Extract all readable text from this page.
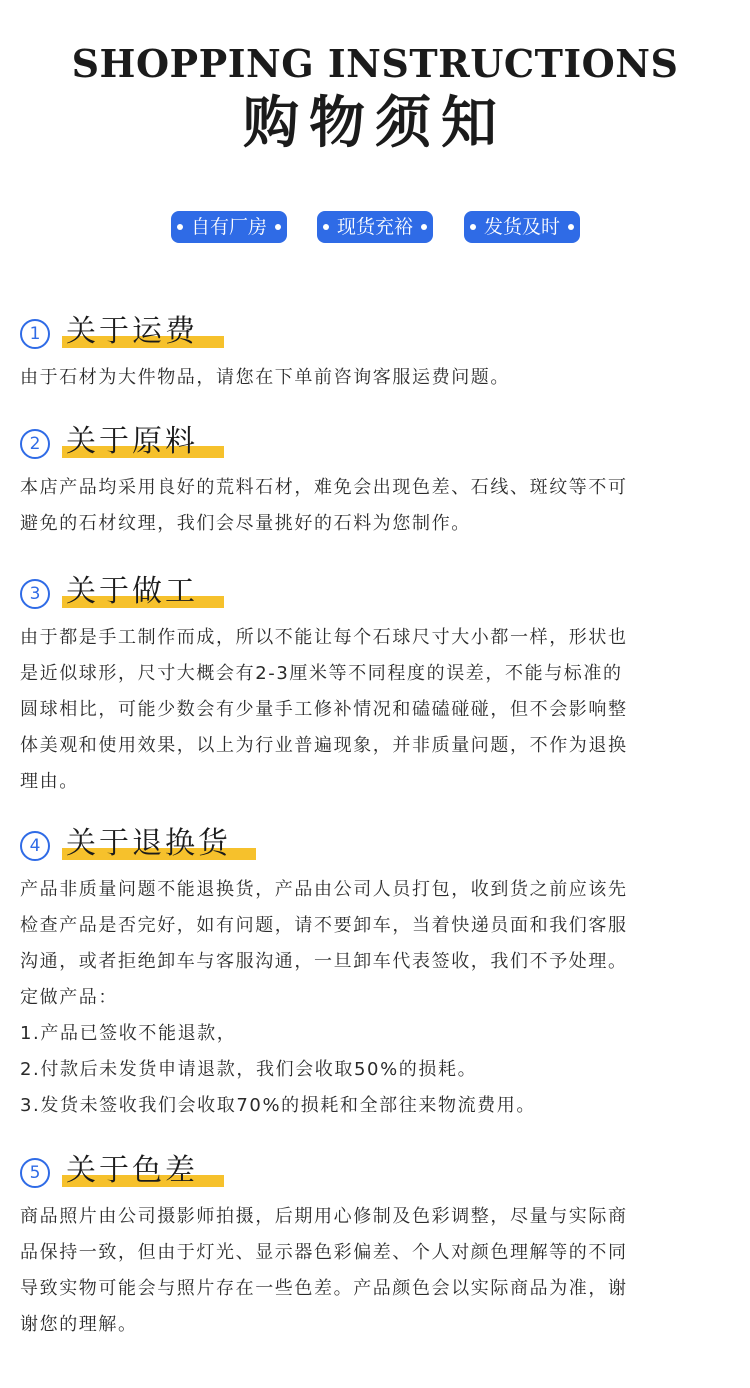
SHOPPING INSTRUCTIONS
购物须知
自有厂房	现货充裕	发货及时
1 关于运费
由于石材为大件物品，请您在下单前咨询客服运费问题。
2 关于原料
本店产品均采用良好的荒料石材，难免会出现色差、石线、斑纹等不可
避免的石材纹理，我们会尽量挑好的石料为您制作。
3 关于做工
由于都是手工制作而成，所以不能让每个石球尺寸大小都一样，形状也
是近似球形，尺寸大概会有2-3厘米等不同程度的误差，不能与标准的
圆球相比，可能少数会有少量手工修补情况和磕磕碰碰，但不会影响整
体美观和使用效果，以上为行业普遍现象，并非质量问题，不作为退换
理由。
4 关于退换货
产品非质量问题不能退换货，产品由公司人员打包，收到货之前应该先
检查产品是否完好，如有问题，请不要卸车，当着快递员面和我们客服
沟通，或者拒绝卸车与客服沟通，一旦卸车代表签收，我们不予处理。
定做产品：
1.产品已签收不能退款，
2.付款后未发货申请退款，我们会收取50%的损耗。
3.发货未签收我们会收取70%的损耗和全部往来物流费用。
5 关于色差
商品照片由公司摄影师拍摄，后期用心修制及色彩调整，尽量与实际商
品保持一致，但由于灯光、显示器色彩偏差、个人对颜色理解等的不同
导致实物可能会与照片存在一些色差。产品颜色会以实际商品为准，谢
谢您的理解。
